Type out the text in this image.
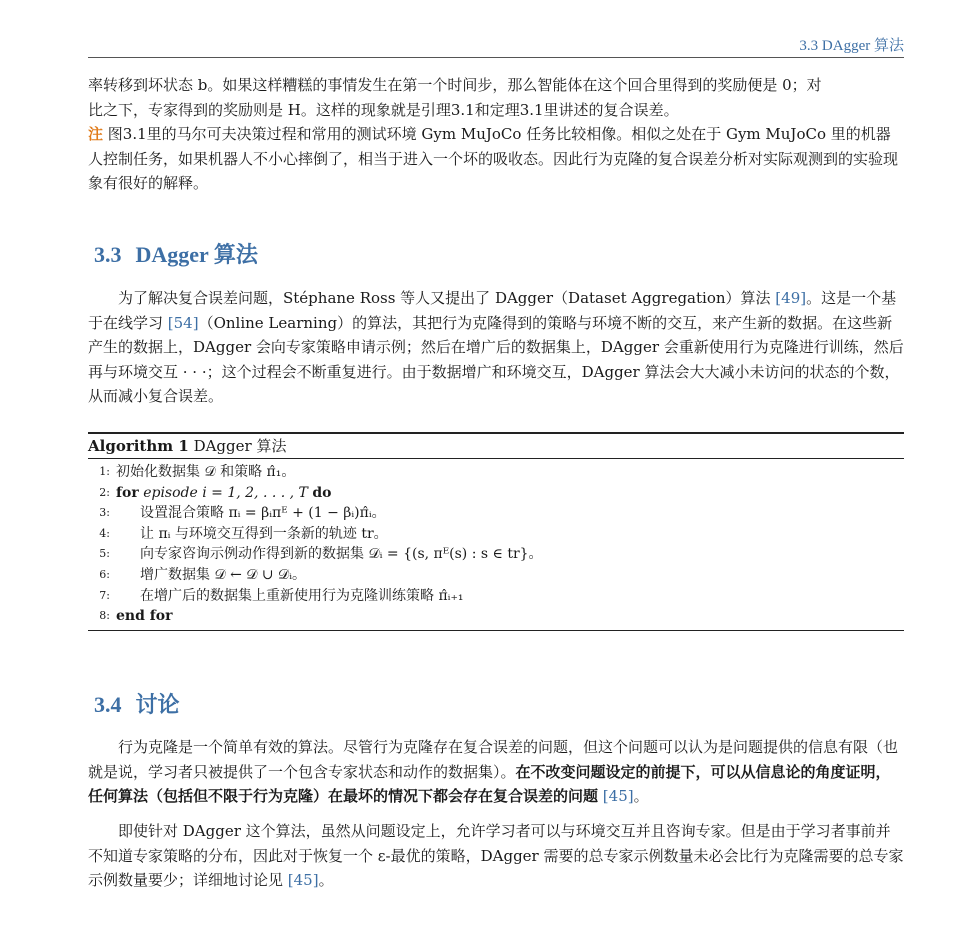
3.3 DAgger 算法

率转移到坏状态 b。如果这样糟糕的事情发生在第一个时间步，那么智能体在这个回合里得到的奖励便是 0；对
比之下，专家得到的奖励则是 H。这样的现象就是引理3.1和定理3.1里讲述的复合误差。

注 图3.1里的马尔可夫决策过程和常用的测试环境 Gym MuJoCo 任务比较相像。相似之处在于 Gym MuJoCo 里的机器人控制任务，如果机器人不小心摔倒了，相当于进入一个坏的吸收态。因此行为克隆的复合误差分析对实际观测到的实验现象有很好的解释。

3.3 DAgger 算法

为了解决复合误差问题，Stéphane Ross 等人又提出了 DAgger（Dataset Aggregation）算法 [49]。这是一个基于在线学习 [54]（Online Learning）的算法，其把行为克隆得到的策略与环境不断的交互，来产生新的数据。在这些新产生的数据上，DAgger 会向专家策略申请示例；然后在增广后的数据集上，DAgger 会重新使用行为克隆进行训练，然后再与环境交互 · · ·；这个过程会不断重复进行。由于数据增广和环境交互，DAgger 算法会大大减小未访问的状态的个数，从而减小复合误差。

Algorithm 1 DAgger 算法
1: 初始化数据集 𝒟 和策略 π̂₁。
2: for episode i = 1, 2, . . . , T do
3:	设置混合策略 πᵢ = βᵢπᴱ + (1 − βᵢ)π̂ᵢ。
4:	让 πᵢ 与环境交互得到一条新的轨迹 tr。
5:	向专家咨询示例动作得到新的数据集 𝒟ᵢ = {(s, πᴱ(s) : s ∈ tr}。
6:	增广数据集 𝒟 ← 𝒟 ∪ 𝒟ᵢ。
7:	在增广后的数据集上重新使用行为克隆训练策略 π̂ᵢ₊₁
8: end for
3.4 讨论

行为克隆是一个简单有效的算法。尽管行为克隆存在复合误差的问题，但这个问题可以认为是问题提供的信息有限（也就是说，学习者只被提供了一个包含专家状态和动作的数据集）。在不改变问题设定的前提下，可以从信息论的角度证明，任何算法（包括但不限于行为克隆）在最坏的情况下都会存在复合误差的问题 [45]。

即使针对 DAgger 这个算法，虽然从问题设定上，允许学习者可以与环境交互并且咨询专家。但是由于学习者事前并不知道专家策略的分布，因此对于恢复一个 ε-最优的策略，DAgger 需要的总专家示例数量未必会比行为克隆需要的总专家示例数量要少；详细地讨论见 [45]。
